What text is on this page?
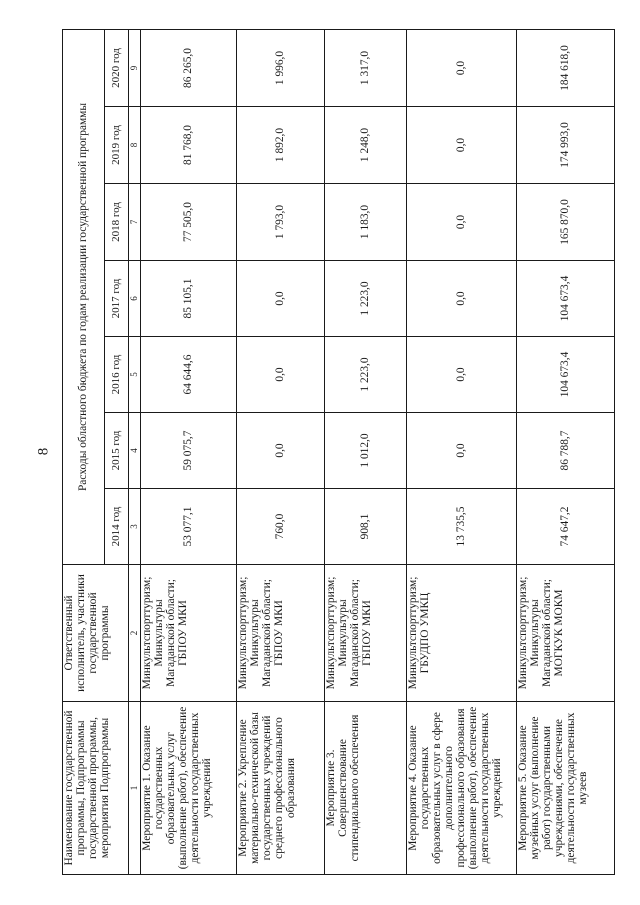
8
Наименование государственной программы, Подпрограммы государственной программы, мероприятия Подпрограммы	Ответственный исполнитель, участники государственной программы	Расходы областного бюджета по годам реализации государственной программы						
		2014 год	2015 год	2016 год	2017 год	2018 год	2019 год	2020 год
1	2	3	4	5	6	7	8	9
Мероприятие 1. Оказание государственных образовательных услуг (выполнение работ), обеспечение деятельности государственных учреждений	Минкультспорттуризм; Минкультуры Магаданской области; ГБПОУ МКИ	53 077,1	59 075,7	64 644,6	85 105,1	77 505,0	81 768,0	86 265,0
Мероприятие 2. Укрепление материально-технической базы государственных учреждений среднего профессионального образования	Минкультспорттуризм; Минкультуры Магаданской области; ГБПОУ МКИ	760,0	0,0	0,0	0,0	1 793,0	1 892,0	1 996,0
Мероприятие 3. Совершенствование стипендиального обеспечения	Минкультспорттуризм; Минкультуры Магаданской области; ГБПОУ МКИ	908,1	1 012,0	1 223,0	1 223,0	1 183,0	1 248,0	1 317,0
Мероприятие 4. Оказание государственных образовательных услуг в сфере дополнительного профессионального образования (выполнение работ), обеспечение деятельности государственных учреждений	Минкультспорттуризм; ГБУДПО УМКЦ	13 735,5	0,0	0,0	0,0	0,0	0,0	0,0
Мероприятие 5. Оказание музейных услуг (выполнение работ) государственными учреждениями, обеспечение деятельности государственных музеев	Минкультспорттуризм; Минкультуры Магаданской области; МОГКУК МОКМ	74 647,2	86 788,7	104 673,4	104 673,4	165 870,0	174 993,0	184 618,0
